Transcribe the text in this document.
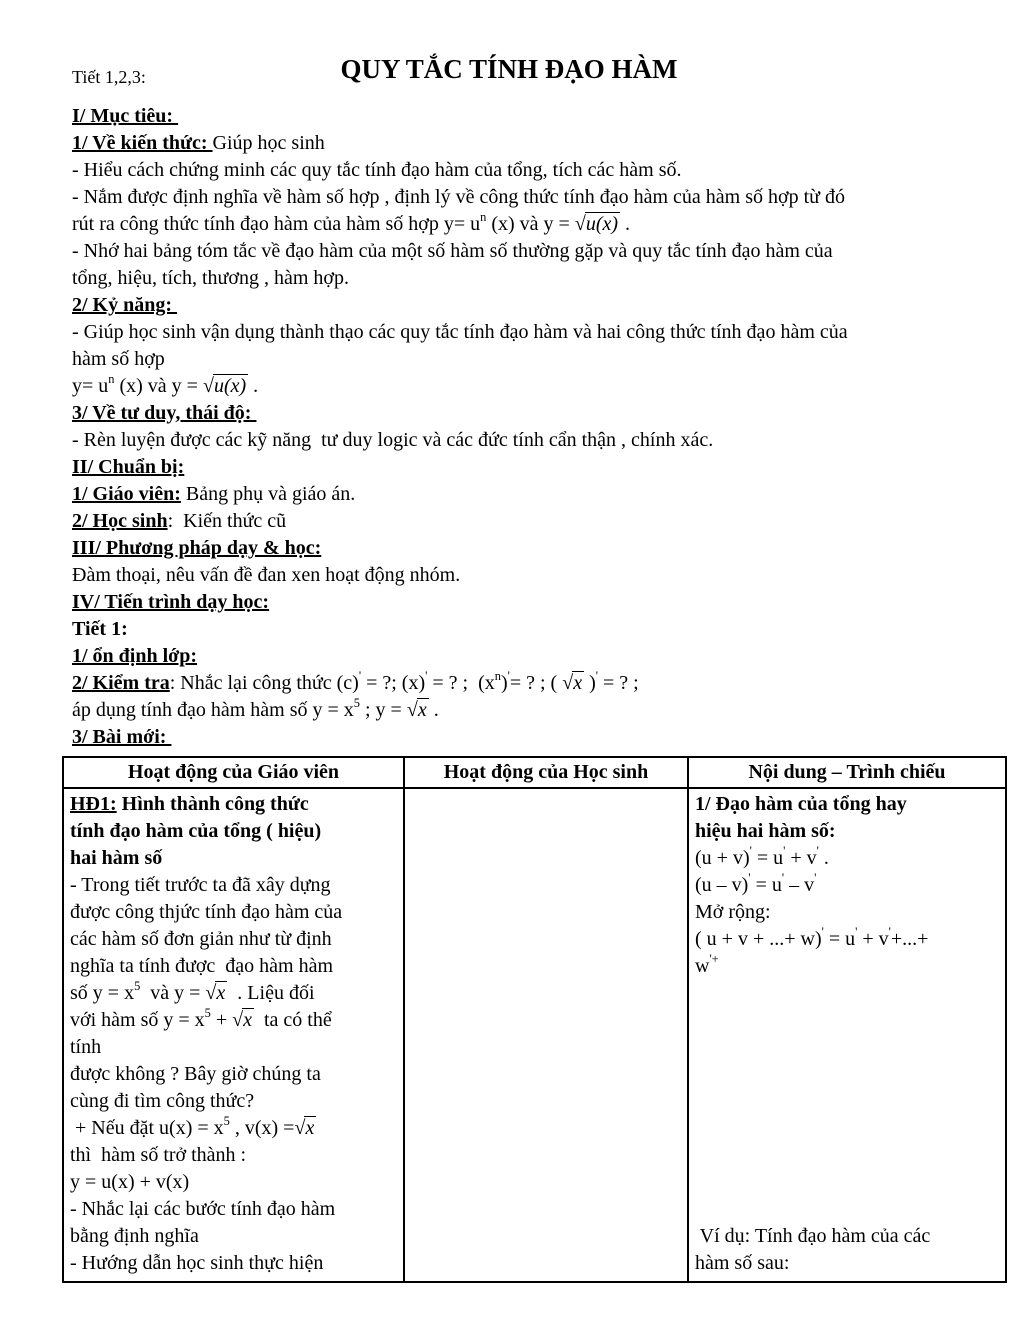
Tiết 1,2,3:	QUY TẮC TÍNH ĐẠO HÀM
I/ Mục tiêu:
1/ Về kiến thức: Giúp học sinh
- Hiểu cách chứng minh các quy tắc tính đạo hàm của tổng, tích các hàm số.
- Nắm được định nghĩa về hàm số hợp , định lý về công thức tính đạo hàm của hàm số hợp từ đó
rút ra công thức tính đạo hàm của hàm số hợp $y= u^n$ (x) và y = √u(x) .
- Nhớ hai bảng tóm tắc về đạo hàm của một số hàm số thường gặp và quy tắc tính đạo hàm của
tổng, hiệu, tích, thương , hàm hợp.
2/ Kỷ năng:
- Giúp học sinh vận dụng thành thạo các quy tắc tính đạo hàm và hai công thức tính đạo hàm của
hàm số hợp
$y= u^n$ (x) và y = √u(x) .
3/ Về tư duy, thái độ:
- Rèn luyện được các kỹ năng  tư duy logic và các đức tính cẩn thận , chính xác.
II/ Chuẩn bị:
1/ Giáo viên: Bảng phụ và giáo án.
2/ Học sinh:  Kiến thức cũ
III/ Phương pháp dạy & học:
Đàm thoại, nêu vấn đề đan xen hoạt động nhóm.
IV/ Tiến trình dạy học:
Tiết 1:
1/ ổn định lớp:
2/ Kiểm tra: Nhắc lại công thức (c)' = ?; (x)' = ? ;  $(x^n)'=$ ? ; ( √x )' = ? ;
áp dụng tính đạo hàm hàm số $y = x^5$ ; y = √x .
3/ Bài mới:
Hoạt động của Giáo viên	Hoạt động của Học sinh	Nội dung – Trình chiếu

HĐ1: Hình thành công thức
tính đạo hàm của tổng ( hiệu)
hai hàm số
- Trong tiết trước ta đã xây dựng
được công thjức tính đạo hàm của
các hàm số đơn giản như từ định
nghĩa ta tính được  đạo hàm hàm
số $y = x^5$  và y = √x  . Liệu đối
với hàm số $y = x^5 + √x$  ta có thể
tính
được không ? Bây giờ chúng ta
cùng đi tìm công thức?
+ Nếu đặt $u(x) = x^5$ , v(x) =√x
thì  hàm số trở thành :
y = u(x) + v(x)
- Nhắc lại các bước tính đạo hàm
bằng định nghĩa
- Hướng dẫn học sinh thực hiện

1/ Đạo hàm của tổng hay
hiệu hai hàm số:
(u + v)' = u' + v' .
(u – v)' = u' – v'
Mở rộng:
( u + v + ...+ w)' = u' + v'+...+
w'+
Ví dụ: Tính đạo hàm của các
hàm số sau:
